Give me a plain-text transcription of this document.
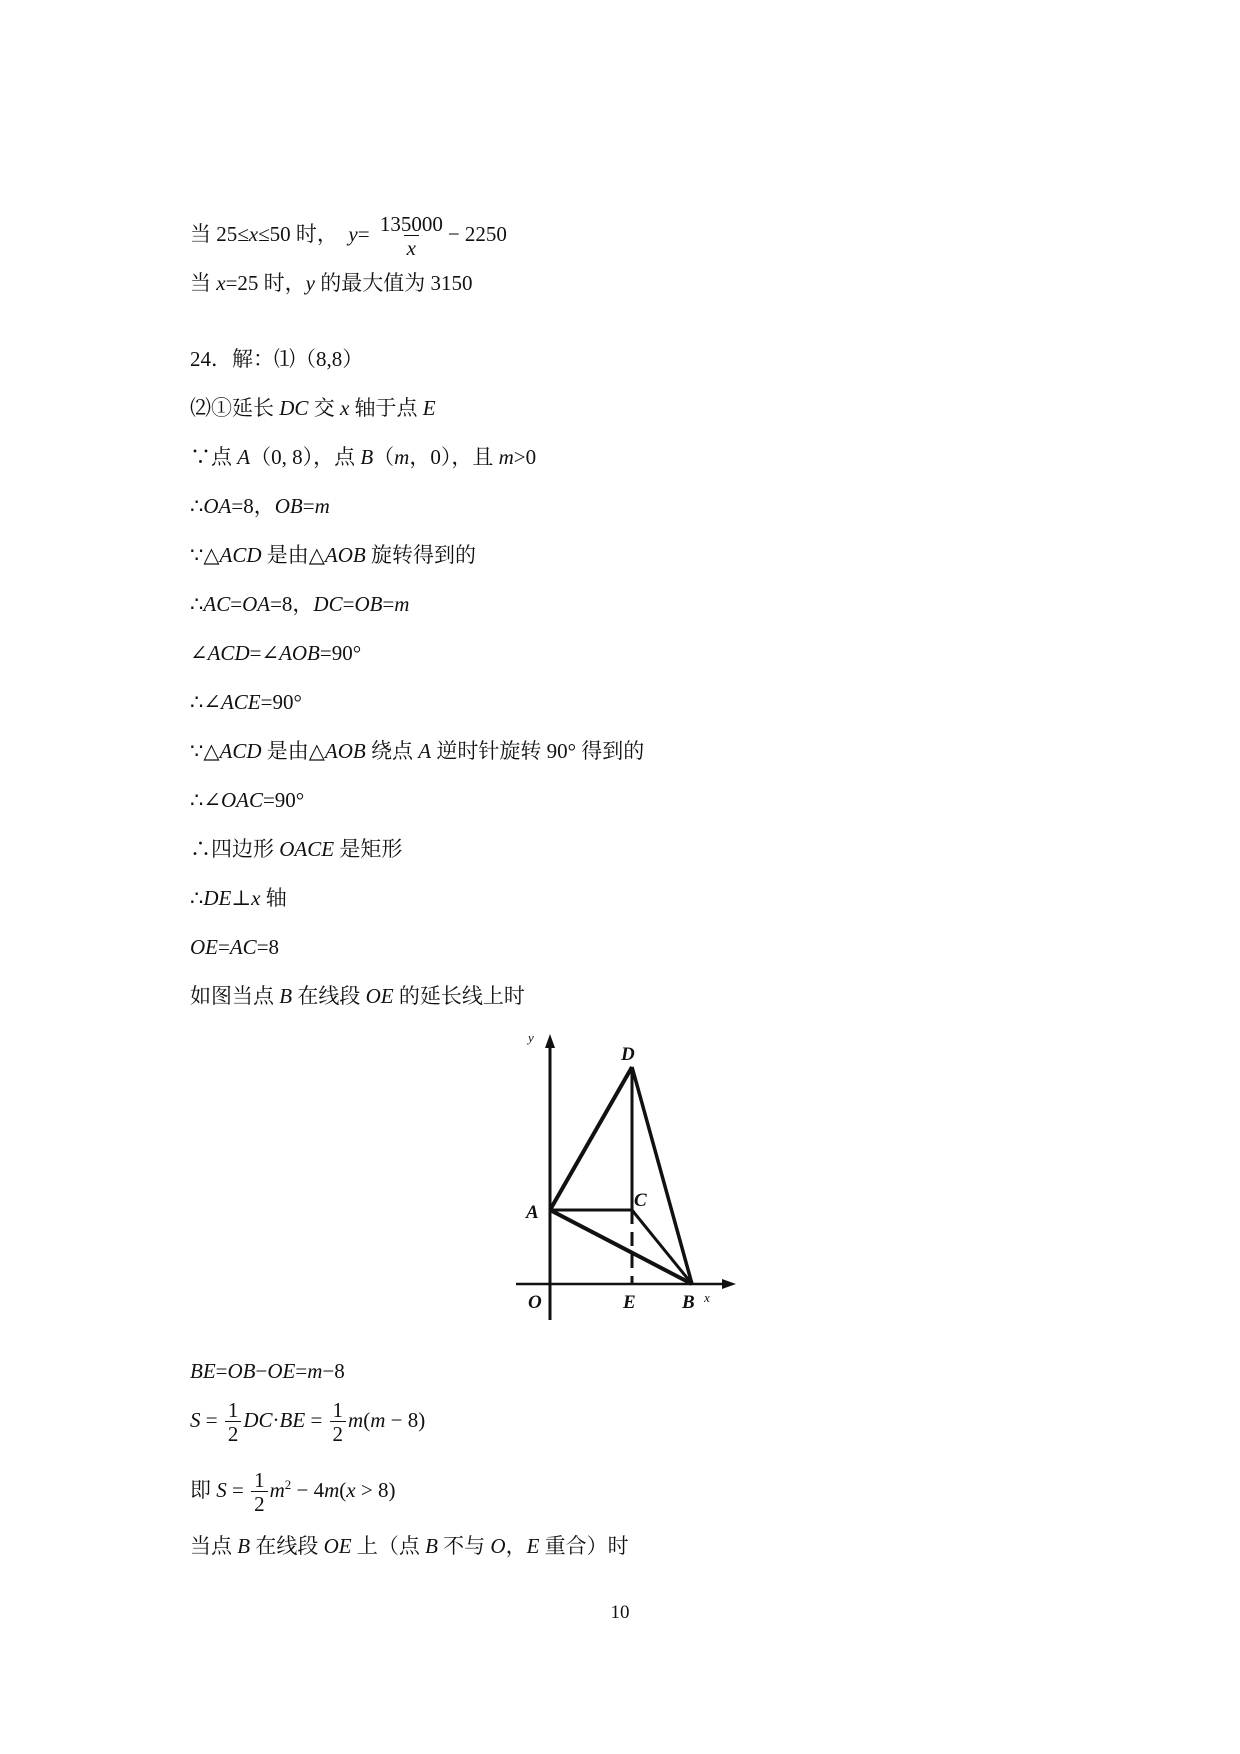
当 25≤x≤50 时， $y= \frac{135000}{x} - 2250$
当 x=25 时，y 的最大值为 3150
24．解：⑴（8,8）
⑵①延长 DC 交 x 轴于点 E
∵点 A（0, 8），点 B（m，0），且 m>0
∴OA=8，OB=m
∵△ACD 是由△AOB 旋转得到的
∴AC=OA=8，DC=OB=m
∠ACD=∠AOB=90°
∴∠ACE=90°
∵△ACD 是由△AOB 绕点 A 逆时针旋转 90° 得到的
∴∠OAC=90°
∴四边形 OACE 是矩形
∴DE⊥x 轴
OE=AC=8
如图当点 B 在线段 OE 的延长线上时
y
x
O
A
C
D
E B
BE=OB−OE=m−8
$S = \frac{1}{2} DC\cdot BE = \frac{1}{2} m(m - 8)$
即 $S = \frac{1}{2} m^2 - 4m(x > 8)$
当点 B 在线段 OE 上（点 B 不与 O，E 重合）时
10
